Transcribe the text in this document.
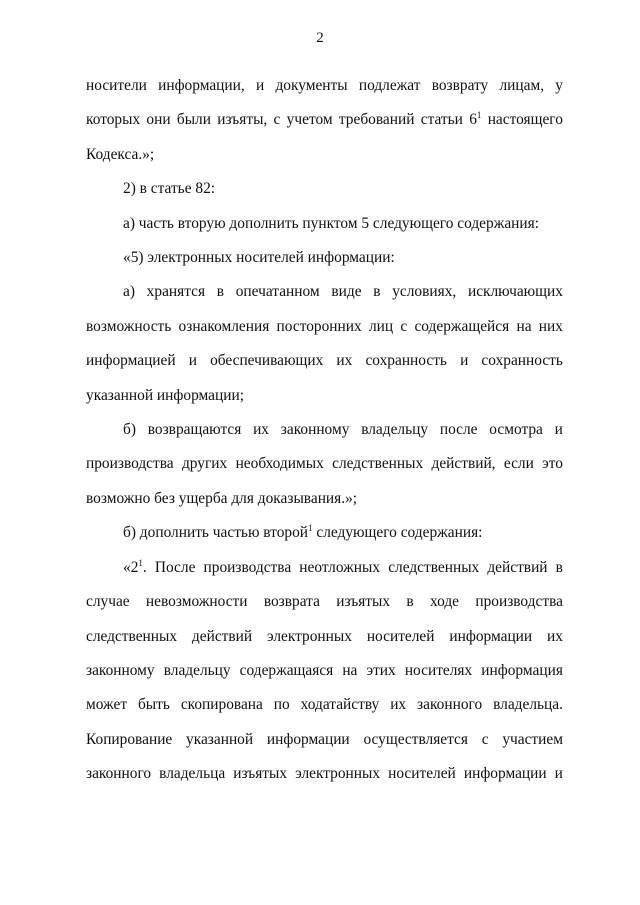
2
носители информации, и документы подлежат возврату лицам, у
которых они были изъяты, с учетом требований статьи $6^1$ настоящего

Кодекса.»;

2) в статье 82:

а) часть вторую дополнить пунктом 5 следующего содержания:

«5) электронных носителей информации:

а) хранятся в опечатанном виде в условиях, исключающих
возможность ознакомления посторонних лиц с содержащейся на них
информацией и обеспечивающих их сохранность и сохранность

указанной информации;

б) возвращаются их законному владельцу после осмотра и
производства других необходимых следственных действий, если это

возможно без ущерба для доказывания.»;

б) дополнить частью второй$^1$ следующего содержания:

«$2^1$. После производства неотложных следственных действий в
случае невозможности возврата изъятых в ходе производства
следственных действий электронных носителей информации их
законному владельцу содержащаяся на этих носителях информация
может быть скопирована по ходатайству их законного владельца.
Копирование указанной информации осуществляется с участием
законного владельца изъятых электронных носителей информации и
